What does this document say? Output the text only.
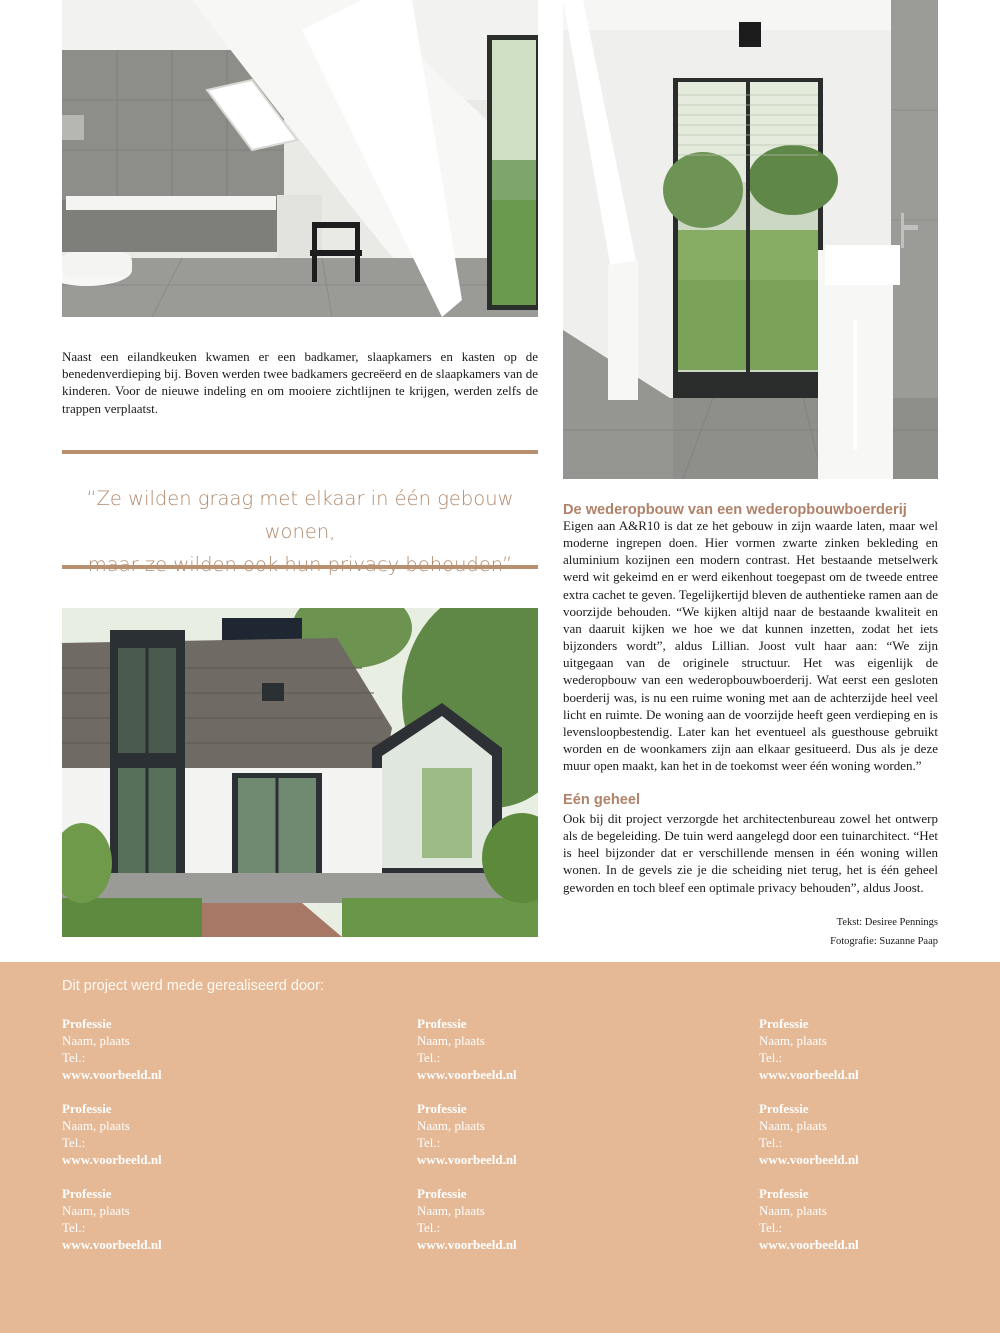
Naast een eilandkeuken kwamen er een badkamer, slaapkamers en kasten op de benedenverdieping bij. Boven werden twee badkamers gecreëerd en de slaapkamers van de kinderen. Voor de nieuwe indeling en om mooiere zichtlijnen te krijgen, werden zelfs de trappen verplaatst.

“Ze wilden graag met elkaar in één gebouw wonen,
De wederopbouw van een wederopbouwboerderij

Eigen aan A&R10 is dat ze het gebouw in zijn waarde laten, maar wel moderne ingrepen doen. Hier vormen zwarte zinken bekleding en aluminium kozijnen een modern contrast. Het bestaande metselwerk werd wit gekeimd en er werd eikenhout toegepast om de tweede entree extra cachet te geven. Tegelijkertijd bleven de authentieke ramen aan de voorzijde behouden. “We kijken altijd naar de bestaande kwaliteit en van daaruit kijken we hoe we dat kunnen inzetten, zodat het iets bijzonders wordt”, aldus Lillian. Joost vult haar aan: “We zijn uitgegaan van de originele structuur. Het was eigenlijk de wederopbouw van een wederopbouwboerderij. Wat eerst een gesloten boerderij was, is nu een ruime woning met aan de achterzijde heel veel licht en ruimte. De woning aan de voorzijde heeft geen verdieping en is levensloopbestendig. Later kan het eventueel als guesthouse gebruikt worden en de woonkamers zijn aan elkaar gesitueerd. Dus als je deze muur open maakt, kan het in de toekomst weer één woning worden.”

Eén geheel

Ook bij dit project verzorgde het architectenbureau zowel het ontwerp als de begeleiding. De tuin werd aangelegd door een tuinarchitect. “Het is heel bijzonder dat er verschillende mensen in één woning willen wonen. In de gevels zie je die scheiding niet terug, het is één geheel geworden en toch bleef een optimale privacy behouden”, aldus Joost.

Tekst: Desiree Pennings
Fotografie: Suzanne Paap
Dit project werd mede gerealiseerd door:
Professie
Naam, plaats
Tel.:
www.voorbeeld.nl
Professie
Naam, plaats
Tel.:
www.voorbeeld.nl
Professie
Naam, plaats
Tel.:
www.voorbeeld.nl
Professie
Naam, plaats
Tel.:
www.voorbeeld.nl
Professie
Naam, plaats
Tel.:
www.voorbeeld.nl
Professie
Naam, plaats
Tel.:
www.voorbeeld.nl
Professie
Naam, plaats
Tel.:
www.voorbeeld.nl
Professie
Naam, plaats
Tel.:
www.voorbeeld.nl
Professie
Naam, plaats
Tel.:
www.voorbeeld.nl
